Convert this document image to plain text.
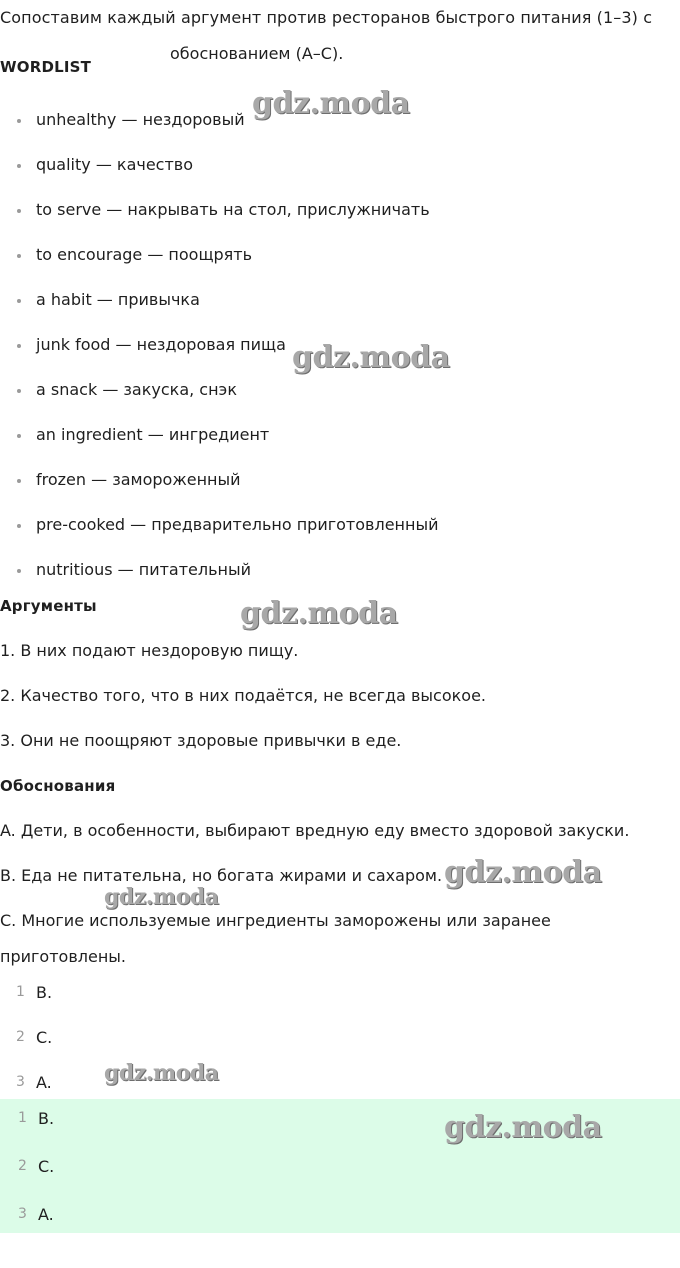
Сопоставим каждый аргумент против ресторанов быстрого питания (1–3) с
обоснованием (A–C).
WORDLIST
unhealthy — нездоровый
quality — качество
to serve — накрывать на стол, прислужничать
to encourage — поощрять
a habit — привычка
junk food — нездоровая пища
a snack — закуска, снэк
an ingredient — ингредиент
frozen — замороженный
pre-cooked — предварительно приготовленный
nutritious — питательный
Аргументы
1. В них подают нездоровую пищу.
2. Качество того, что в них подаётся, не всегда высокое.
3. Они не поощряют здоровые привычки в еде.
Обоснования
A. Дети, в особенности, выбирают вредную еду вместо здоровой закуски.
B. Еда не питательна, но богата жирами и сахаром.
C. Многие используемые ингредиенты заморожены или заранее
приготовлены.
1 B.
2 C.
3 A.
1 B.
2 C.
3 A.
gdz.moda
gdz.moda
gdz.moda
gdz.moda
gdz.moda
gdz.moda
gdz.moda
